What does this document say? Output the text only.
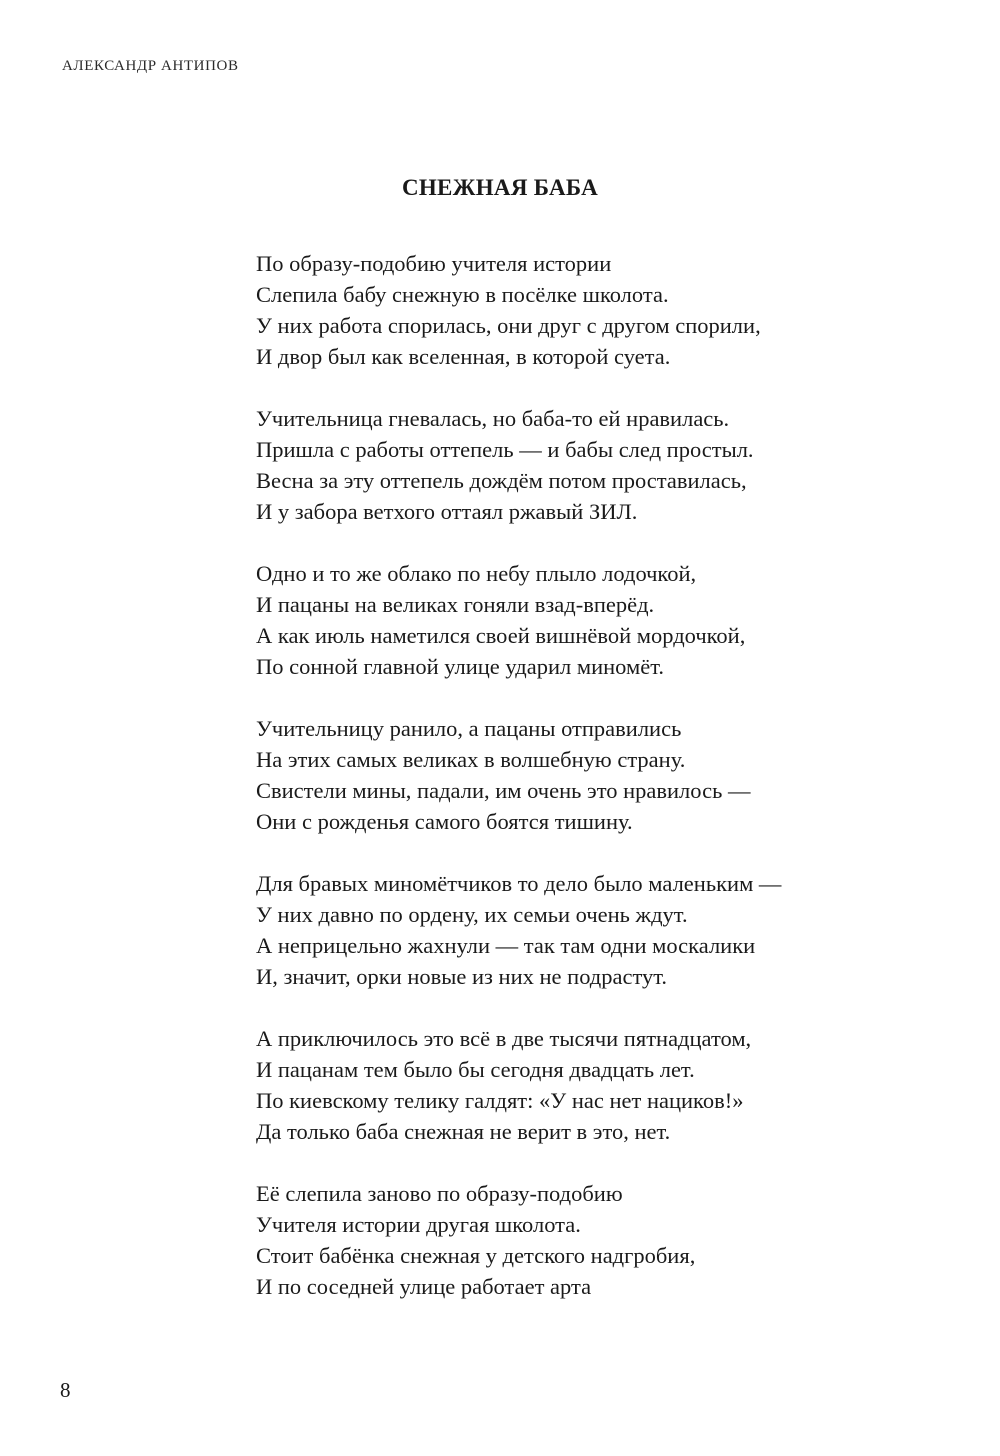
АЛЕКСАНДР АНТИПОВ
СНЕЖНАЯ БАБА
По образу-подобию учителя истории
Слепила бабу снежную в посёлке школота.
У них работа спорилась, они друг с другом спорили,
И двор был как вселенная, в которой суета.
Учительница гневалась, но баба-то ей нравилась.
Пришла с работы оттепель — и бабы след простыл.
Весна за эту оттепель дождём потом проставилась,
И у забора ветхого оттаял ржавый ЗИЛ.
Одно и то же облако по небу плыло лодочкой,
И пацаны на великах гоняли взад-вперёд.
А как июль наметился своей вишнёвой мордочкой,
По сонной главной улице ударил миномёт.
Учительницу ранило, а пацаны отправились
На этих самых великах в волшебную страну.
Свистели мины, падали, им очень это нравилось —
Они с рожденья самого боятся тишину.
Для бравых миномётчиков то дело было маленьким —
У них давно по ордену, их семьи очень ждут.
А неприцельно жахнули — так там одни москалики
И, значит, орки новые из них не подрастут.
А приключилось это всё в две тысячи пятнадцатом,
И пацанам тем было бы сегодня двадцать лет.
По киевскому телику галдят: «У нас нет нациков!»
Да только баба снежная не верит в это, нет.
Её слепила заново по образу-подобию
Учителя истории другая школота.
Стоит бабёнка снежная у детского надгробия,
И по соседней улице работает арта
8
